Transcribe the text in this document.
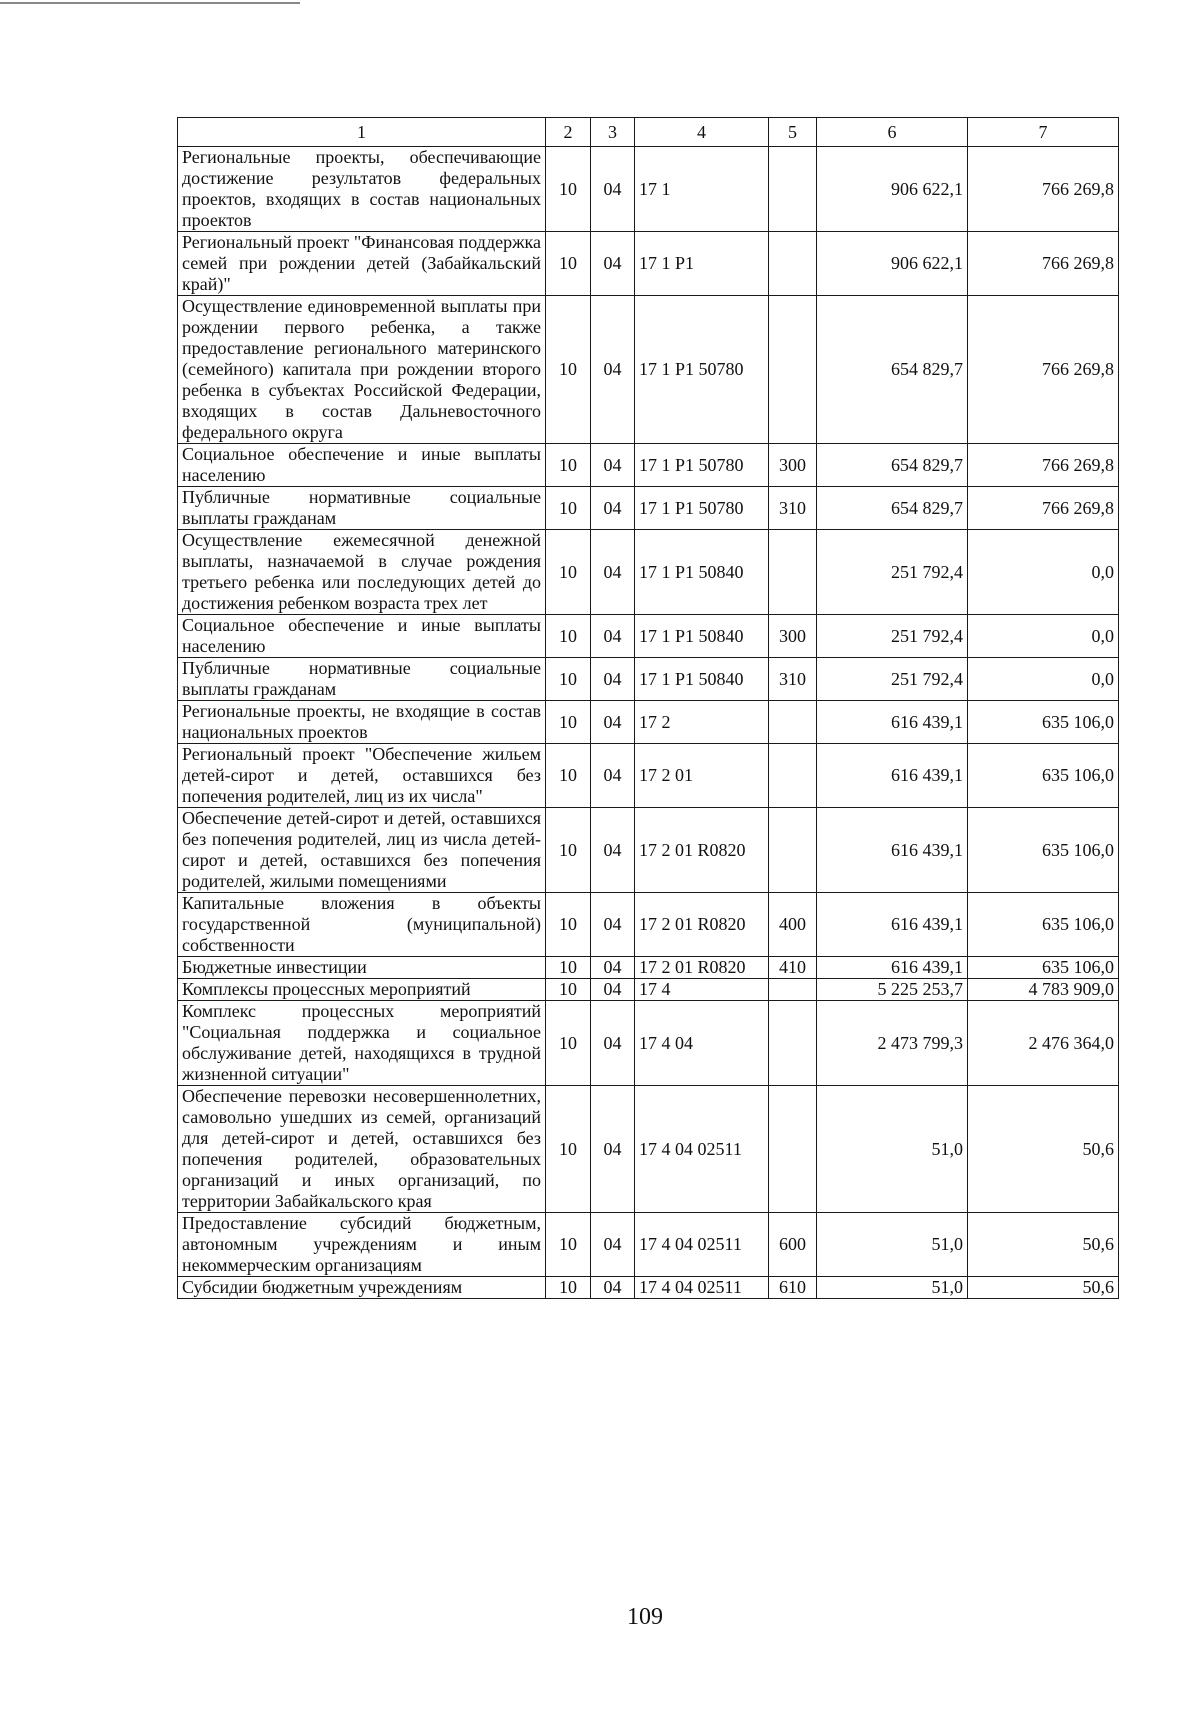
1	2	3	4	5	6	7
Региональные проекты, обеспечивающие достижение результатов федеральных проектов, входящих в состав национальных проектов	10	04	17 1		906 622,1	766 269,8
Региональный проект "Финансовая поддержка семей при рождении детей (Забайкальский край)"	10	04	17 1 P1		906 622,1	766 269,8
Осуществление единовременной выплаты при рождении первого ребенка, а также предоставление регионального материнского (семейного) капитала при рождении второго ребенка в субъектах Российской Федерации, входящих в состав Дальневосточного федерального округа	10	04	17 1 P1 50780		654 829,7	766 269,8
Социальное обеспечение и иные выплаты населению	10	04	17 1 P1 50780	300	654 829,7	766 269,8
Публичные нормативные социальные выплаты гражданам	10	04	17 1 P1 50780	310	654 829,7	766 269,8
Осуществление ежемесячной денежной выплаты, назначаемой в случае рождения третьего ребенка или последующих детей до достижения ребенком возраста трех лет	10	04	17 1 P1 50840		251 792,4	0,0
Социальное обеспечение и иные выплаты населению	10	04	17 1 P1 50840	300	251 792,4	0,0
Публичные нормативные социальные выплаты гражданам	10	04	17 1 P1 50840	310	251 792,4	0,0
Региональные проекты, не входящие в состав национальных проектов	10	04	17 2		616 439,1	635 106,0
Региональный проект "Обеспечение жильем детей-сирот и детей, оставшихся без попечения родителей, лиц из их числа"	10	04	17 2 01		616 439,1	635 106,0
Обеспечение детей-сирот и детей, оставшихся без попечения родителей, лиц из числа детей-сирот и детей, оставшихся без попечения родителей, жилыми помещениями	10	04	17 2 01 R0820		616 439,1	635 106,0
Капитальные вложения в объекты государственной (муниципальной) собственности	10	04	17 2 01 R0820	400	616 439,1	635 106,0
Бюджетные инвестиции	10	04	17 2 01 R0820	410	616 439,1	635 106,0
Комплексы процессных мероприятий	10	04	17 4		5 225 253,7	4 783 909,0
Комплекс процессных мероприятий "Социальная поддержка и социальное обслуживание детей, находящихся в трудной жизненной ситуации"	10	04	17 4 04		2 473 799,3	2 476 364,0
Обеспечение перевозки несовершеннолетних, самовольно ушедших из семей, организаций для детей-сирот и детей, оставшихся без попечения родителей, образовательных организаций и иных организаций, по территории Забайкальского края	10	04	17 4 04 02511		51,0	50,6
Предоставление субсидий бюджетным, автономным учреждениям и иным некоммерческим организациям	10	04	17 4 04 02511	600	51,0	50,6
Субсидии бюджетным учреждениям	10	04	17 4 04 02511	610	51,0	50,6
109
